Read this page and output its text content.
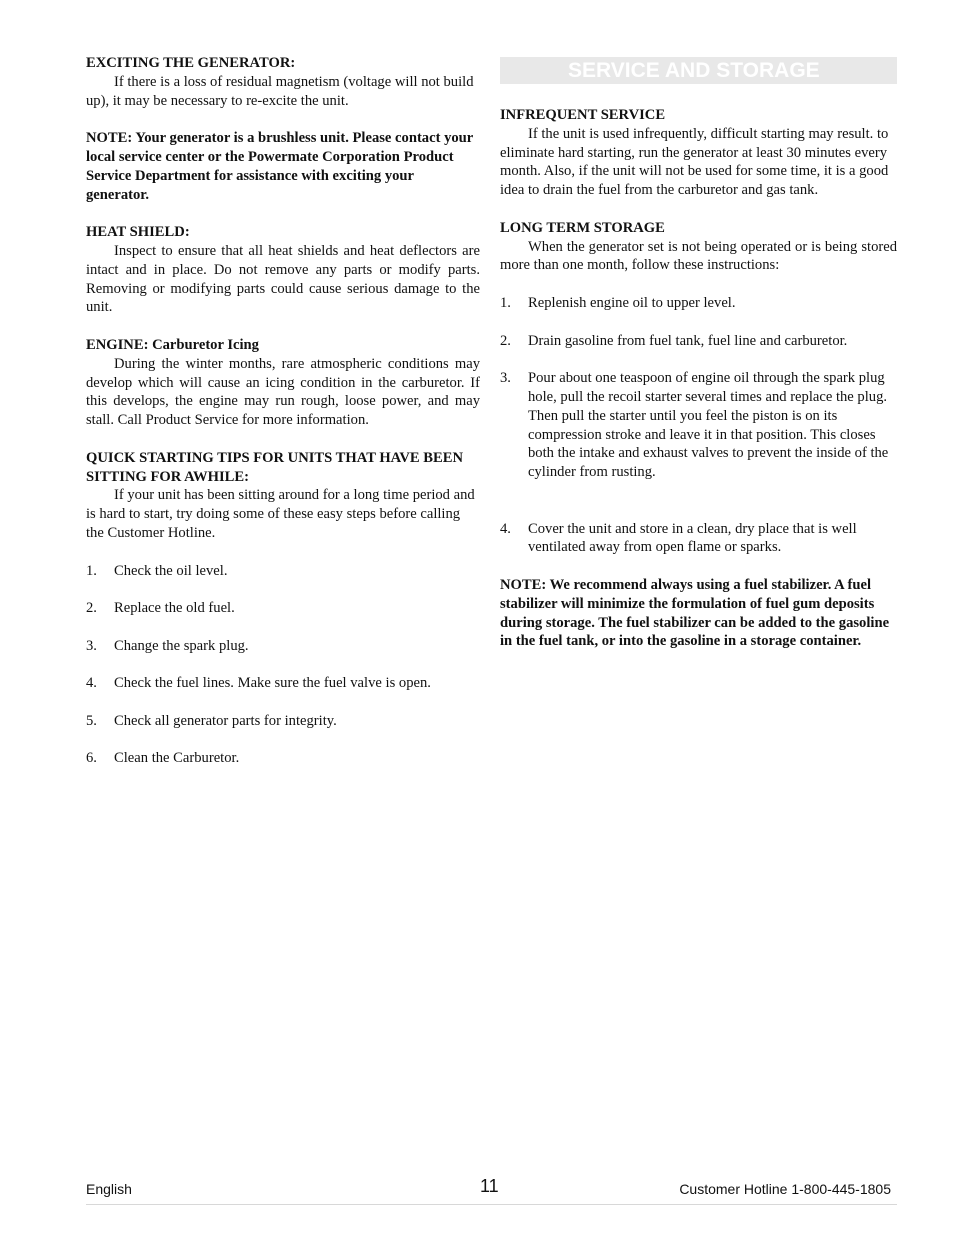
EXCITING THE GENERATOR:
If there is a loss of residual magnetism (voltage will not build up), it may be necessary to re-excite the unit.
NOTE: Your generator is a brushless unit. Please contact your local service center or the Powermate Corporation Product Service Department for assistance with exciting your generator.
HEAT SHIELD:
Inspect to ensure that all heat shields and heat deflectors are intact and in place. Do not remove any parts or modify parts. Removing or modifying parts could cause serious damage to the unit.
ENGINE: Carburetor Icing
During the winter months, rare atmospheric conditions may develop which will cause an icing condition in the carburetor. If this develops, the engine may run rough, loose power, and may stall. Call Product Service for more information.
QUICK STARTING TIPS FOR UNITS THAT HAVE BEEN SITTING FOR AWHILE:
If your unit has been sitting around for a long time period and is hard to start, try doing some of these easy steps before calling the Customer Hotline.
1.	Check the oil level.
2.	Replace the old fuel.
3.	Change the spark plug.
4.	Check the fuel lines. Make sure the fuel valve is open.
5.	Check all generator parts for integrity.
6.	Clean the Carburetor.
SERVICE AND STORAGE
INFREQUENT SERVICE
If the unit is used infrequently, difficult starting may result. to eliminate hard starting, run the generator at least 30 minutes every month. Also, if the unit will not be used for some time, it is a good idea to drain the fuel from the carburetor and gas tank.
LONG TERM STORAGE
When the generator set is not being operated or is being stored more than one month, follow these instructions:
1.	Replenish engine oil to upper level.
2.	Drain gasoline from fuel tank, fuel line and carburetor.
3.	Pour about one teaspoon of engine oil through the spark plug hole, pull the recoil starter several times and replace the plug. Then pull the starter until you feel the piston is on its compression stroke and leave it in that position. This closes both the intake and exhaust valves to prevent the inside of the cylinder from rusting.
4.	Cover the unit and store in a clean, dry place that is well ventilated away from open flame or sparks.
NOTE: We recommend always using a fuel stabilizer. A fuel stabilizer will minimize the formulation of fuel gum deposits during storage. The fuel stabilizer can be added to the gasoline in the fuel tank, or into the gasoline in a storage container.
English	11	Customer Hotline 1-800-445-1805
